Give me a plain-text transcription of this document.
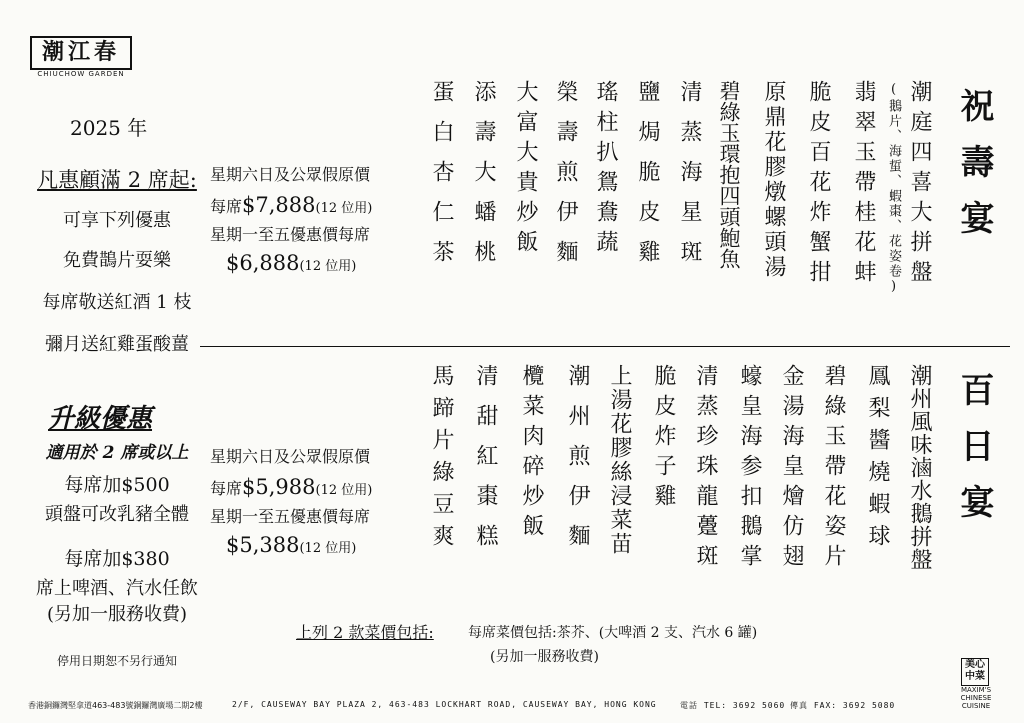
潮江春
CHIUCHOW GARDEN
2025 年
凡惠顧滿 2 席起:
可享下列優惠
免費鵲片耍樂
每席敬送紅酒 1 枝
彌月送紅雞蛋酸薑
升級優惠
適用於 2 席或以上
每席加$500
頭盤可改乳豬全體
每席加$380
席上啤酒、汽水任飲
(另加一服務收費)
停用日期恕不另行通知
星期六日及公眾假原價
每席$7,888(12 位用)
星期一至五優惠價每席
$6,888(12 位用)
星期六日及公眾假原價
每席$5,988(12 位用)
星期一至五優惠價每席
$5,388(12 位用)
祝壽宴
潮庭四喜大拼盤
(鵝片、海蜇、蝦棗、花姿卷)
翡翠玉帶桂花蚌
脆皮百花炸蟹拑
原鼎花膠燉螺頭湯
碧綠玉環抱四頭鮑魚
清蒸海星斑
鹽焗脆皮雞
瑤柱扒鴛鴦蔬
榮壽煎伊麵
大富大貴炒飯
添壽大蟠桃
蛋白杏仁茶
百日宴
潮州風味滷水鵝拼盤
鳳梨醬燒蝦球
碧綠玉帶花姿片
金湯海皇燴仿翅
蠔皇海参扣鵝掌
清蒸珍珠龍躉斑
脆皮炸子雞
上湯花膠絲浸菜苗
潮州煎伊麵
欖菜肉碎炒飯
清甜紅棗糕
馬蹄片綠豆爽
上列 2 款菜價包括: 每席菜價包括:茶芥、(大啤酒 2 支、汽水 6 罐)
(另加一服務收費)
香港銅鑼灣堅拿道463-483號銅鑼灣廣場二期2樓	2/F, CAUSEWAY BAY PLAZA 2, 463-483 LOCKHART ROAD, CAUSEWAY BAY, HONG KONG	電話 TEL: 3692 5060 傳真 FAX: 3692 5080
美心中菜
MAXIM'S
CHINESE CUISINE
